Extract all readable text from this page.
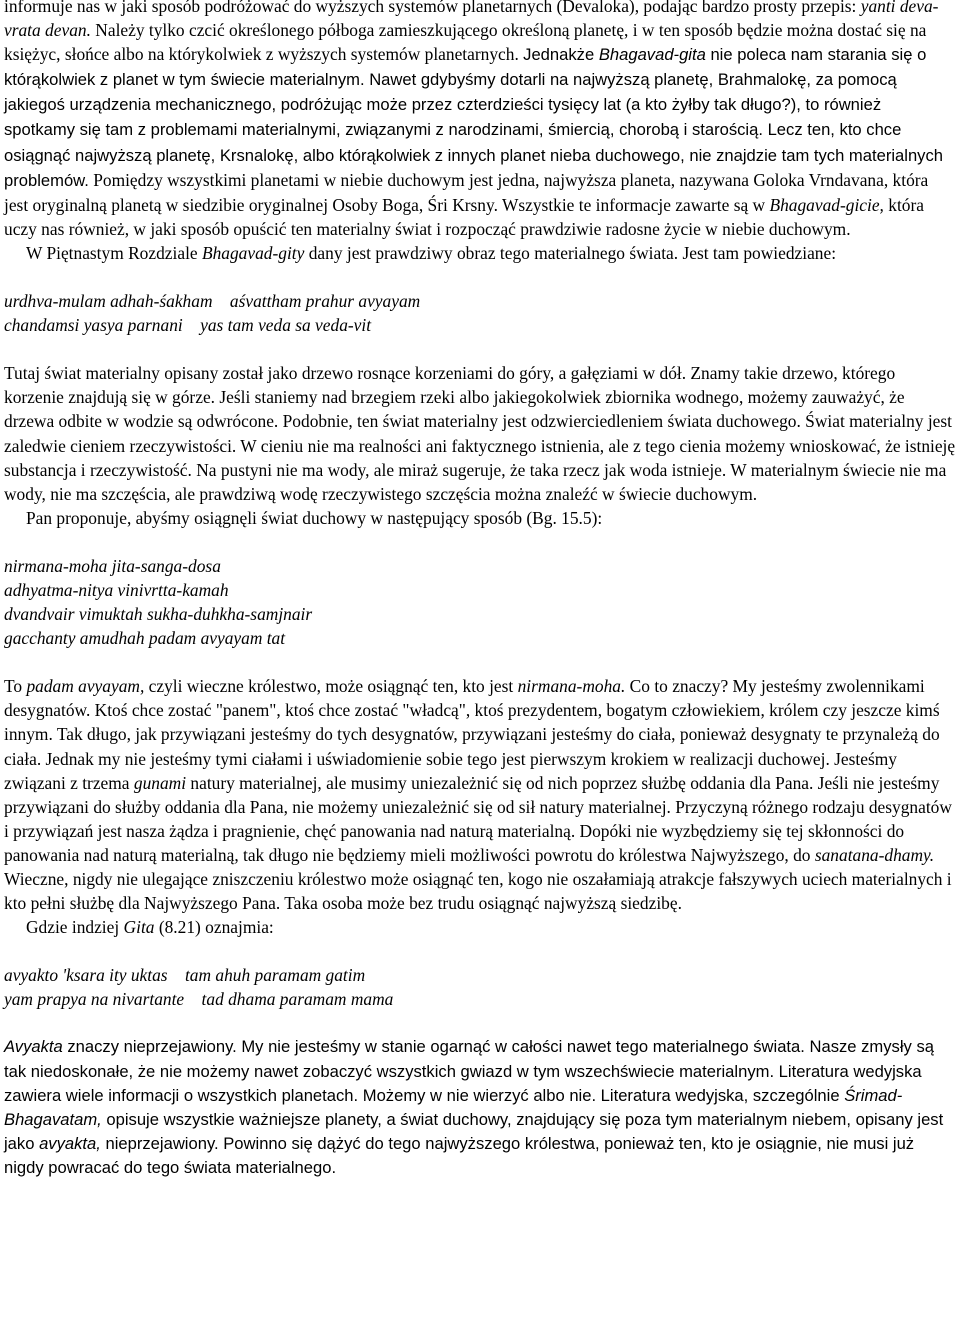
informuje nas w jaki sposób podróżować do wyższych systemów planetarnych (Devaloka), podając bardzo prosty przepis: yanti deva-vrata devan. Należy tylko czcić określonego półboga zamieszkującego określoną planetę, i w ten sposób będzie można dostać się na księżyc, słońce albo na którykolwiek z wyższych systemów planetarnych. Jednakże Bhagavad-gita nie poleca nam starania się o którąkolwiek z planet w tym świecie materialnym. Nawet gdybyśmy dotarli na najwyższą planetę, Brahmalokę, za pomocą jakiegoś urządzenia mechanicznego, podróżując może przez czterdzieści tysięcy lat (a kto żyłby tak długo?), to również spotkamy się tam z problemami materialnymi, związanymi z narodzinami, śmiercią, chorobą i starością. Lecz ten, kto chce osiągnąć najwyższą planetę, Krsnalokę, albo którąkolwiek z innych planet nieba duchowego, nie znajdzie tam tych materialnych problemów. Pomiędzy wszystkimi planetami w niebie duchowym jest jedna, najwyższa planeta, nazywana Goloka Vrndavana, która jest oryginalną planetą w siedzibie oryginalnej Osoby Boga, Śri Krsny. Wszystkie te informacje zawarte są w Bhagavad-gicie, która uczy nas również, w jaki sposób opuścić ten materialny świat i rozpocząć prawdziwie radosne życie w niebie duchowym.

W Piętnastym Rozdziale Bhagavad-gity dany jest prawdziwy obraz tego materialnego świata. Jest tam powiedziane:

urdhva-mulam adhah-śakham    aśvattham prahur avyayam
chandamsi yasya parnani    yas tam veda sa veda-vit

Tutaj świat materialny opisany został jako drzewo rosnące korzeniami do góry, a gałęziami w dół. Znamy takie drzewo, którego korzenie znajdują się w górze. Jeśli staniemy nad brzegiem rzeki albo jakiegokolwiek zbiornika wodnego, możemy zauważyć, że drzewa odbite w wodzie są odwrócone. Podobnie, ten świat materialny jest odzwierciedleniem świata duchowego. Świat materialny jest zaledwie cieniem rzeczywistości. W cieniu nie ma realności ani faktycznego istnienia, ale z tego cienia możemy wnioskować, że istnieję substancja i rzeczywistość. Na pustyni nie ma wody, ale miraż sugeruje, że taka rzecz jak woda istnieje. W materialnym świecie nie ma wody, nie ma szczęścia, ale prawdziwą wodę rzeczywistego szczęścia można znaleźć w świecie duchowym.

Pan proponuje, abyśmy osiągnęli świat duchowy w następujący sposób (Bg. 15.5):

nirmana-moha jita-sanga-dosa
adhyatma-nitya vinivrtta-kamah
dvandvair vimuktah sukha-duhkha-samjnair
gacchanty amudhah padam avyayam tat

To padam avyayam, czyli wieczne królestwo, może osiągnąć ten, kto jest nirmana-moha. Co to znaczy? My jesteśmy zwolennikami desygnatów. Ktoś chce zostać "panem", ktoś chce zostać "władcą", ktoś prezydentem, bogatym człowiekiem, królem czy jeszcze kimś innym. Tak długo, jak przywiązani jesteśmy do tych desygnatów, przywiązani jesteśmy do ciała, ponieważ desygnaty te przynależą do ciała. Jednak my nie jesteśmy tymi ciałami i uświadomienie sobie tego jest pierwszym krokiem w realizacji duchowej. Jesteśmy związani z trzema gunami natury materialnej, ale musimy uniezależnić się od nich poprzez służbę oddania dla Pana. Jeśli nie jesteśmy przywiązani do służby oddania dla Pana, nie możemy uniezależnić się od sił natury materialnej. Przyczyną różnego rodzaju desygnatów i przywiązań jest nasza żądza i pragnienie, chęć panowania nad naturą materialną. Dopóki nie wyzbędziemy się tej skłonności do panowania nad naturą materialną, tak długo nie będziemy mieli możliwości powrotu do królestwa Najwyższego, do sanatana-dhamy. Wieczne, nigdy nie ulegające zniszczeniu królestwo może osiągnąć ten, kogo nie oszałamiają atrakcje fałszywych uciech materialnych i kto pełni służbę dla Najwyższego Pana. Taka osoba może bez trudu osiągnąć najwyższą siedzibę.

Gdzie indziej Gita (8.21) oznajmia:

avyakto 'ksara ity uktas    tam ahuh paramam gatim
yam prapya na nivartante    tad dhama paramam mama

Avyakta znaczy nieprzejawiony. My nie jesteśmy w stanie ogarnąć w całości nawet tego materialnego świata. Nasze zmysły są tak niedoskonałe, że nie możemy nawet zobaczyć wszystkich gwiazd w tym wszechświecie materialnym. Literatura wedyjska zawiera wiele informacji o wszystkich planetach. Możemy w nie wierzyć albo nie. Literatura wedyjska, szczególnie Śrimad-Bhagavatam, opisuje wszystkie ważniejsze planety, a świat duchowy, znajdujący się poza tym materialnym niebem, opisany jest jako avyakta, nieprzejawiony. Powinno się dążyć do tego najwyższego królestwa, ponieważ ten, kto je osiągnie, nie musi już nigdy powracać do tego świata materialnego.
